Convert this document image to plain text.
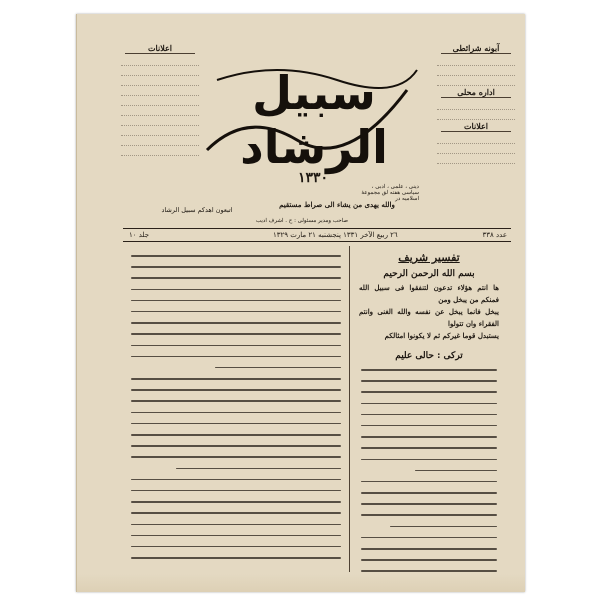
آبونه شرائطى
اداره محلى
اعلانات
اعلانات
سبيل الرشاد
١٣٣٠
دينى ، علمى ، ادبى ، سياسى هفته لق مجموعهٔ اسلاميه در
والله يهدى من يشاء الى صراط مستقيم
اتبعون اهدكم سبيل الرشاد
صاحب ومدير مسئولى : ح . اشرف اديب
عدد ٣٣٨
٢٦ ربيع الآخر ١٣٣١ پنجشنبه ٢١ مارت ١٣٢٩
جلد ١٠
تفسير شريف
بسم الله الرحمن الرحيم
ها انتم هؤلاء تدعون لتنفقوا فى سبيل الله فمنكم من يبخل ومن
يبخل فانما يبخل عن نفسه والله الغنى وانتم الفقراء وان تتولوا
يستبدل قوما غيركم ثم لا يكونوا امثالكم
تركى : حالى عليم
